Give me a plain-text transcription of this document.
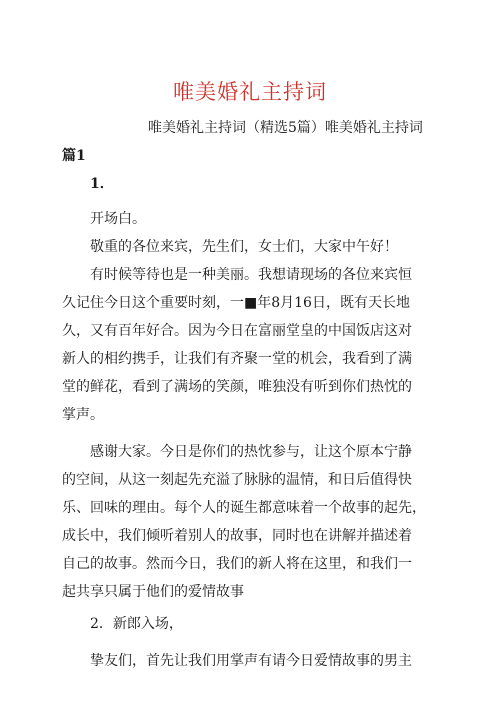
唯美婚礼主持词
唯美婚礼主持词（精选5篇）唯美婚礼主持词
篇1
1．
开场白。
敬重的各位来宾，先生们，女士们，大家中午好！
有时候等待也是一种美丽。我想请现场的各位来宾恒
久记住今日这个重要时刻，一■年8月16日，既有天长地
久，又有百年好合。因为今日在富丽堂皇的中国饭店这对
新人的相约携手，让我们有齐聚一堂的机会，我看到了满
堂的鲜花，看到了满场的笑颜，唯独没有听到你们热忱的
掌声。
感谢大家。今日是你们的热忱参与，让这个原本宁静
的空间，从这一刻起先充溢了脉脉的温情，和日后值得快
乐、回味的理由。每个人的诞生都意味着一个故事的起先，
成长中，我们倾听着别人的故事，同时也在讲解并描述着
自己的故事。然而今日，我们的新人将在这里，和我们一
起共享只属于他们的爱情故事
2．新郎入场，
挚友们，首先让我们用掌声有请今日爱情故事的男主
